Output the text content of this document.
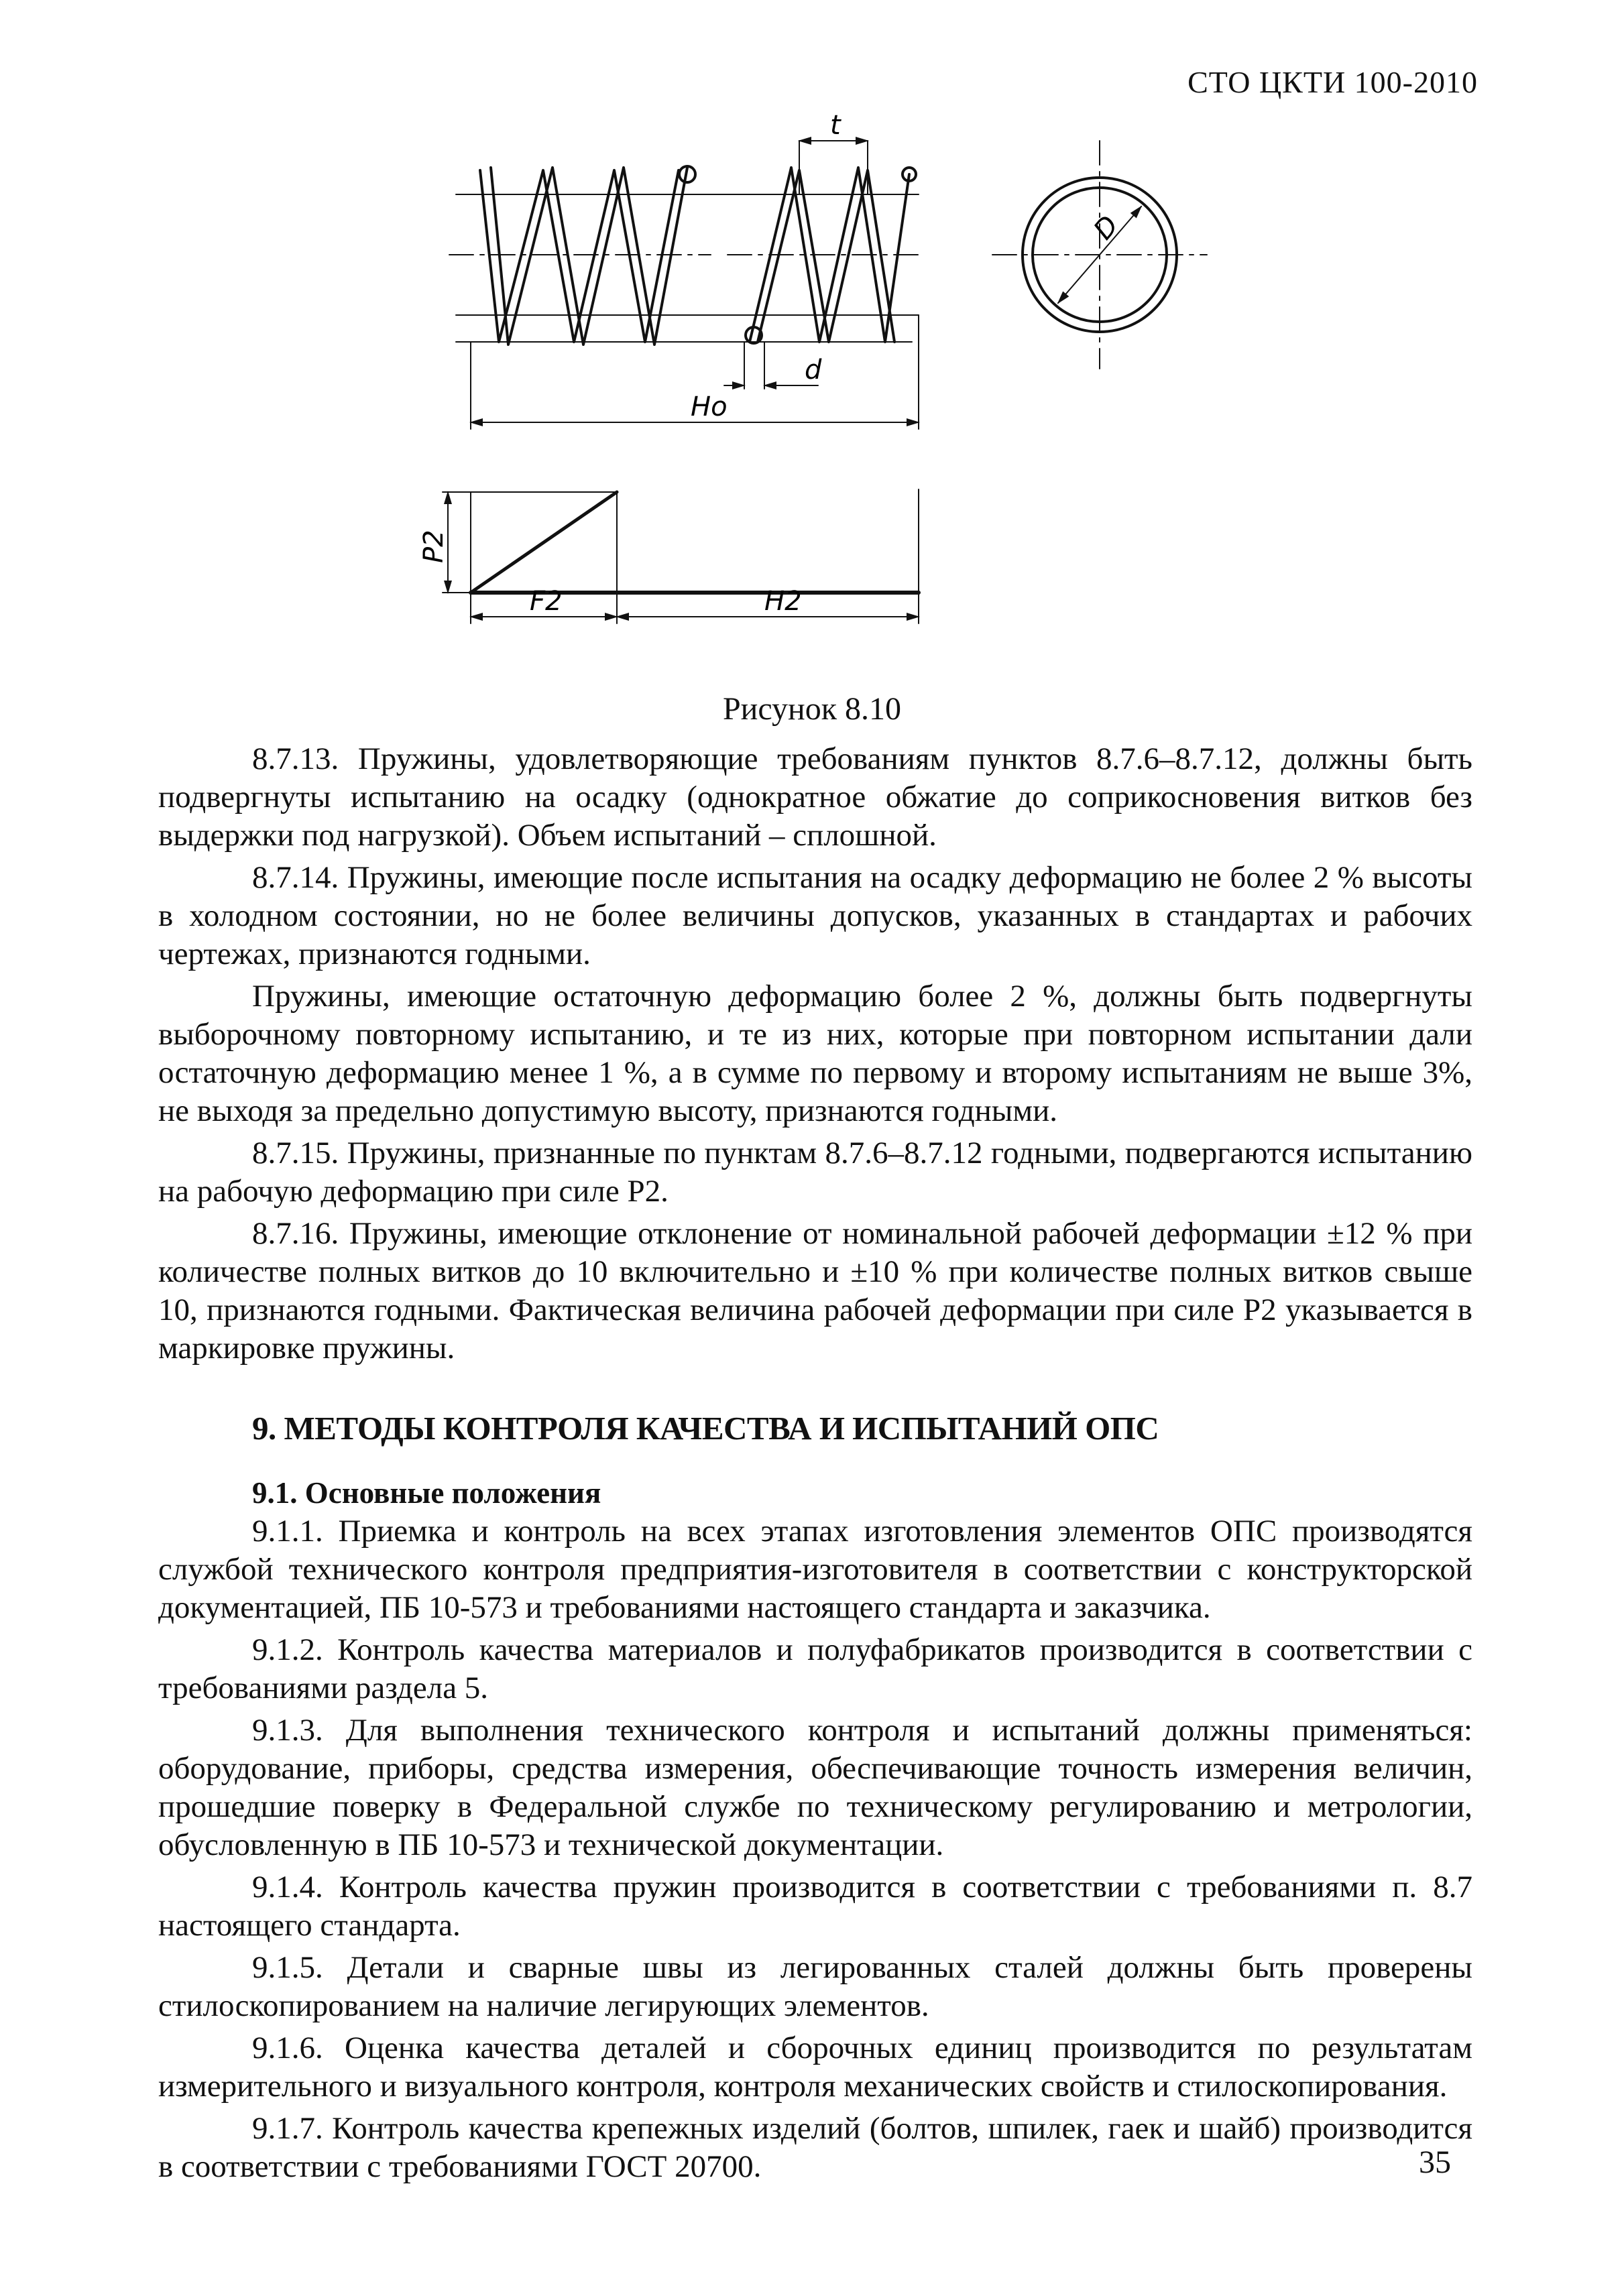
СТО ЦКТИ 100-2010
t
d
Ho
D
P2
F2	H2
Рисунок 8.10

8.7.13. Пружины, удовлетворяющие требованиям пунктов 8.7.6–8.7.12, должны быть подвергнуты испытанию на осадку (однократное обжатие до соприкосновения витков без выдержки под нагрузкой). Объем испытаний – сплошной.

8.7.14. Пружины, имеющие после испытания на осадку деформацию не более 2 % высоты в холодном состоянии, но не более величины допусков, указанных в стандартах и рабочих чертежах, признаются годными.

Пружины, имеющие остаточную деформацию более 2 %, должны быть подвергнуты выборочному повторному испытанию, и те из них, которые при повторном испытании дали остаточную деформацию менее 1 %, а в сумме по первому и второму испытаниям не выше 3%, не выходя за предельно допустимую высоту, признаются годными.

8.7.15. Пружины, признанные по пунктам 8.7.6–8.7.12 годными, подвергаются испытанию на рабочую деформацию при силе P2.

8.7.16. Пружины, имеющие отклонение от номинальной рабочей деформации ±12 % при количестве полных витков до 10 включительно и ±10 % при количестве полных витков свыше 10, признаются годными. Фактическая величина рабочей деформации при силе P2 указывается в маркировке пружины.

9. МЕТОДЫ КОНТРОЛЯ КАЧЕСТВА И ИСПЫТАНИЙ ОПС
9.1. Основные положения

9.1.1. Приемка и контроль на всех этапах изготовления элементов ОПС производятся службой технического контроля предприятия-изготовителя в соответствии с конструкторской документацией, ПБ 10-573 и требованиями настоящего стандарта и заказчика.

9.1.2. Контроль качества материалов и полуфабрикатов производится в соответствии с требованиями раздела 5.

9.1.3. Для выполнения технического контроля и испытаний должны применяться: оборудование, приборы, средства измерения, обеспечивающие точность измерения величин, прошедшие поверку в Федеральной службе по техническому регулированию и метрологии, обусловленную в ПБ 10-573 и технической документации.

9.1.4. Контроль качества пружин производится в соответствии с требованиями п. 8.7 настоящего стандарта.

9.1.5. Детали и сварные швы из легированных сталей должны быть проверены стилоскопированием на наличие легирующих элементов.

9.1.6. Оценка качества деталей и сборочных единиц производится по результатам измерительного и визуального контроля, контроля механических свойств и стилоскопирования.

9.1.7. Контроль качества крепежных изделий (болтов, шпилек, гаек и шайб) производится в соответствии с требованиями ГОСТ 20700.	35
